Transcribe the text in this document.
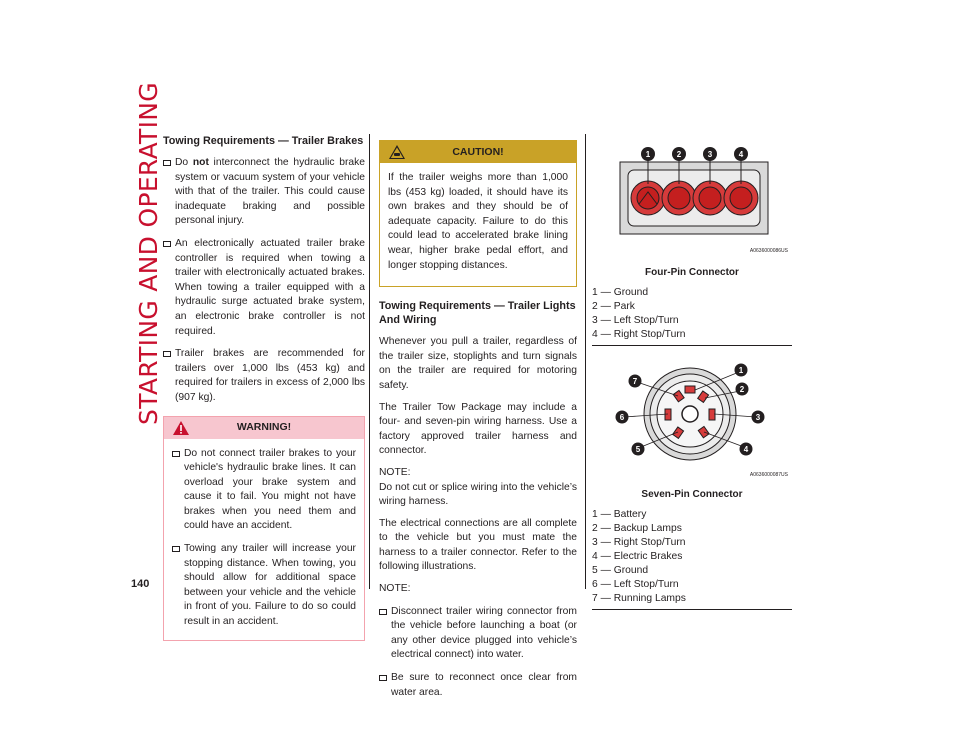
STARTING AND OPERATING
140
Towing Requirements — Trailer Brakes
Do not interconnect the hydraulic brake system or vacuum system of your vehicle with that of the trailer. This could cause inadequate braking and possible personal injury.
An electronically actuated trailer brake controller is required when towing a trailer with electronically actuated brakes. When towing a trailer equipped with a hydraulic surge actuated brake system, an electronic brake controller is not required.
Trailer brakes are recommended for trailers over 1,000 lbs (453 kg) and required for trailers in excess of 2,000 lbs (907 kg).
WARNING!
Do not connect trailer brakes to your vehicle's hydraulic brake lines. It can overload your brake system and cause it to fail. You might not have brakes when you need them and could have an accident.
Towing any trailer will increase your stopping distance. When towing, you should allow for additional space between your vehicle and the vehicle in front of you. Failure to do so could result in an accident.
CAUTION!

If the trailer weighs more than 1,000 lbs (453 kg) loaded, it should have its own brakes and they should be of adequate capacity. Failure to do this could lead to accelerated brake lining wear, higher brake pedal effort, and longer stopping distances.

Towing Requirements — Trailer Lights And Wiring

Whenever you pull a trailer, regardless of the trailer size, stoplights and turn signals on the trailer are required for motoring safety.

The Trailer Tow Package may include a four- and seven-pin wiring harness. Use a factory approved trailer harness and connector.

NOTE:

Do not cut or splice wiring into the vehicle’s wiring harness.

The electrical connections are all complete to the vehicle but you must mate the harness to a trailer connector. Refer to the following illustrations.

NOTE:

Disconnect trailer wiring connector from the vehicle before launching a boat (or any other device plugged into vehicle’s electrical connect) into water.
Be sure to reconnect once clear from water area.
1	2	3	4
A0636000086US
Four-Pin Connector
1 — Ground
2 — Park
3 — Left Stop/Turn
4 — Right Stop/Turn
1
2
3
4
5
6
7
A0636000087US
Seven-Pin Connector
1 — Battery
2 — Backup Lamps
3 — Right Stop/Turn
4 — Electric Brakes
5 — Ground
6 — Left Stop/Turn
7 — Running Lamps
